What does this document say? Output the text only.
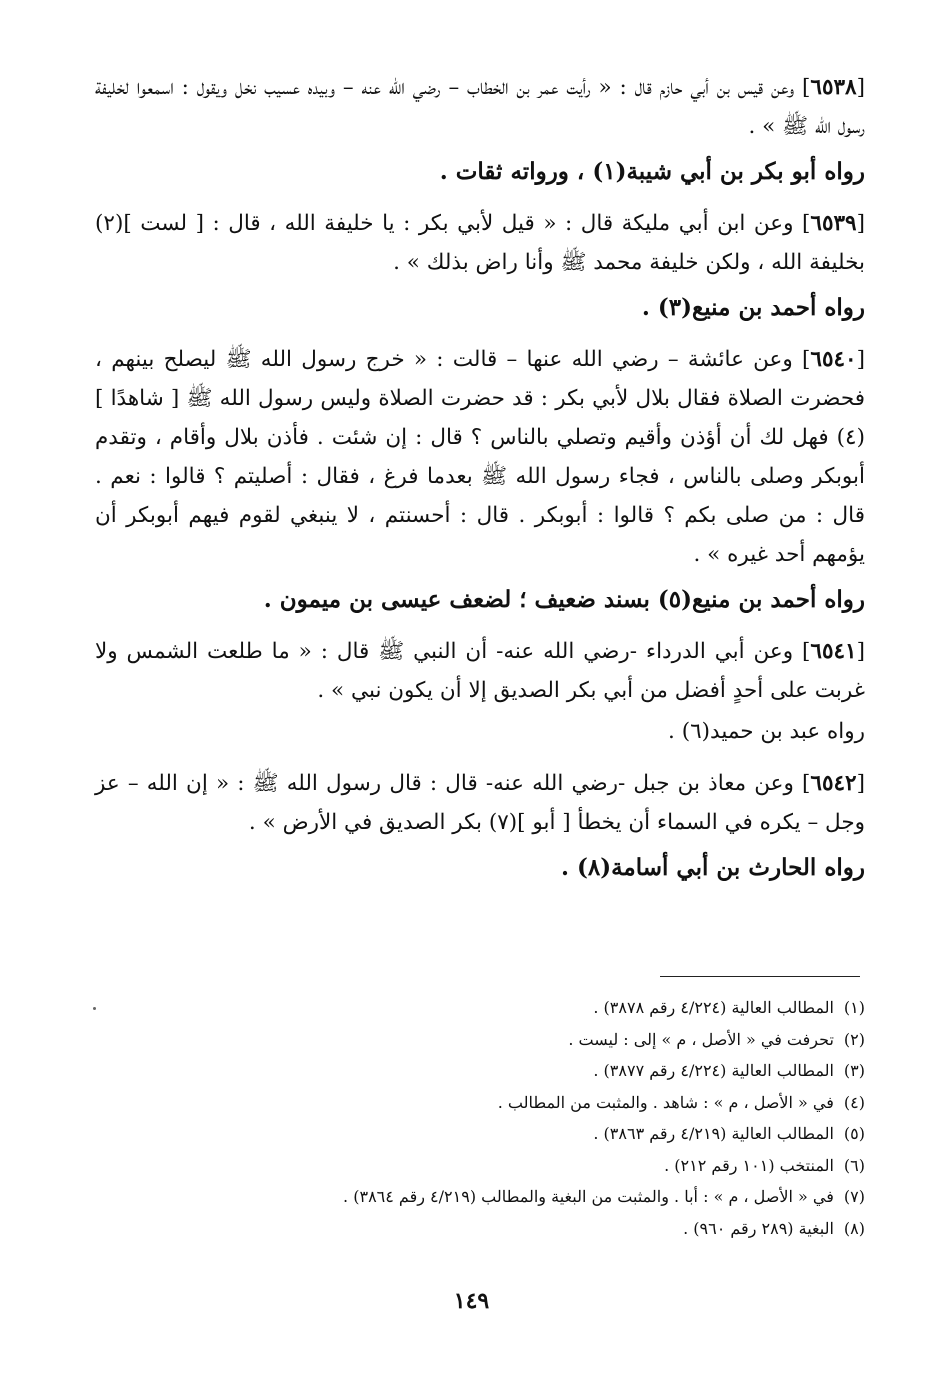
[٦٥٣٨] وعن قيس بن أبي حازم قال : « رأيت عمر بن الخطاب – رضي الله عنه – وبيده عسيب نخل ويقول : اسمعوا لخليفة رسول الله ﷺ » .

رواه أبو بكر بن أبي شيبة(١) ، ورواته ثقات .

[٦٥٣٩] وعن ابن أبي مليكة قال : « قيل لأبي بكر : يا خليفة الله ، قال : [ لست ](٢) بخليفة الله ، ولكن خليفة محمد ﷺ وأنا راض بذلك » .

رواه أحمد بن منيع(٣) .

[٦٥٤٠] وعن عائشة – رضي الله عنها – قالت : « خرج رسول الله ﷺ ليصلح بينهم ، فحضرت الصلاة فقال بلال لأبي بكر : قد حضرت الصلاة وليس رسول الله ﷺ [ شاهدًا ](٤) فهل لك أن أؤذن وأقيم وتصلي بالناس ؟ قال : إن شئت . فأذن بلال وأقام ، وتقدم أبوبكر وصلى بالناس ، فجاء رسول الله ﷺ بعدما فرغ ، فقال : أصليتم ؟ قالوا : نعم . قال : من صلى بكم ؟ قالوا : أبوبكر . قال : أحسنتم ، لا ينبغي لقوم فيهم أبوبكر أن يؤمهم أحد غيره » .

رواه أحمد بن منيع(٥) بسند ضعيف ؛ لضعف عيسى بن ميمون .

[٦٥٤١] وعن أبي الدرداء -رضي الله عنه- أن النبي ﷺ قال : « ما طلعت الشمس ولا غربت على أحدٍ أفضل من أبي بكر الصديق إلا أن يكون نبي » .

رواه عبد بن حميد(٦) .

[٦٥٤٢] وعن معاذ بن جبل -رضي الله عنه- قال : قال رسول الله ﷺ : « إن الله – عز وجل – يكره في السماء أن يخطأ [ أبو ](٧) بكر الصديق في الأرض » .

رواه الحارث بن أبي أسامة(٨) .

(١)
المطالب العالية (٤/٢٢٤ رقم ٣٨٧٨) .
(٢)
تحرفت في « الأصل ، م » إلى : ليست .
(٣)
المطالب العالية (٤/٢٢٤ رقم ٣٨٧٧) .
(٤)
في « الأصل ، م » : شاهد . والمثبت من المطالب .
(٥)
المطالب العالية (٤/٢١٩ رقم ٣٨٦٣) .
(٦)
المنتخب (١٠١ رقم ٢١٢) .
(٧)
في « الأصل ، م » : أبا . والمثبت من البغية والمطالب (٤/٢١٩ رقم ٣٨٦٤) .
(٨)
البغية (٢٨٩ رقم ٩٦٠) .
١٤٩
